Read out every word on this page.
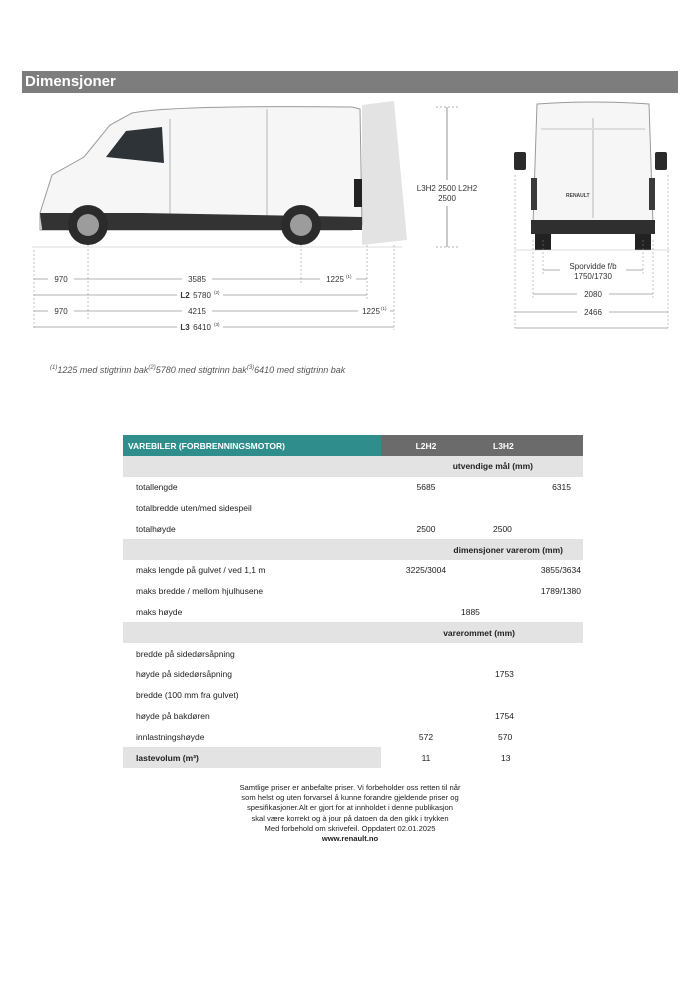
Dimensjoner
L3H2 2500 L2H2
2500
970	3585	1225 (1)
L2 5780 (2)
970	4215	1225 (1)
L3 6410 (3)
RENAULT
Sporvidde f/b
1750/1730
2080
2466
$^{(1)}$1225 med stigtrinn bak$^{(2)}$5780 med stigtrinn bak$^{(3)}$6410 med stigtrinn bak
VAREBILER (FORBRENNINGSMOTOR)	L2H2	L3H2
utvendige mål (mm)		
totallengde	5685	6315
totalbredde uten/med sidespeil		
totalhøyde	2500	2500
dimensjoner varerom (mm)		
maks lengde på gulvet / ved 1,1 m	3225/3004	3855/3634
maks bredde / mellom hjulhusene		1789/1380
maks høyde	1885	
varerommet (mm)		
bredde på sidedørsåpning		
høyde på sidedørsåpning		1753
bredde (100 mm fra gulvet)		
høyde på bakdøren		1754
innlastningshøyde	572	570
lastevolum (m³)	11	13
Samtlige priser er anbefalte priser. Vi forbeholder oss retten til når
som helst og uten forvarsel å kunne forandre gjeldende priser og
spesifikasjoner.Alt er gjort for at innholdet i denne publikasjon
skal være korrekt og à jour på datoen da den gikk i trykken
Med forbehold om skrivefeil. Oppdatert 02.01.2025
www.renault.no
